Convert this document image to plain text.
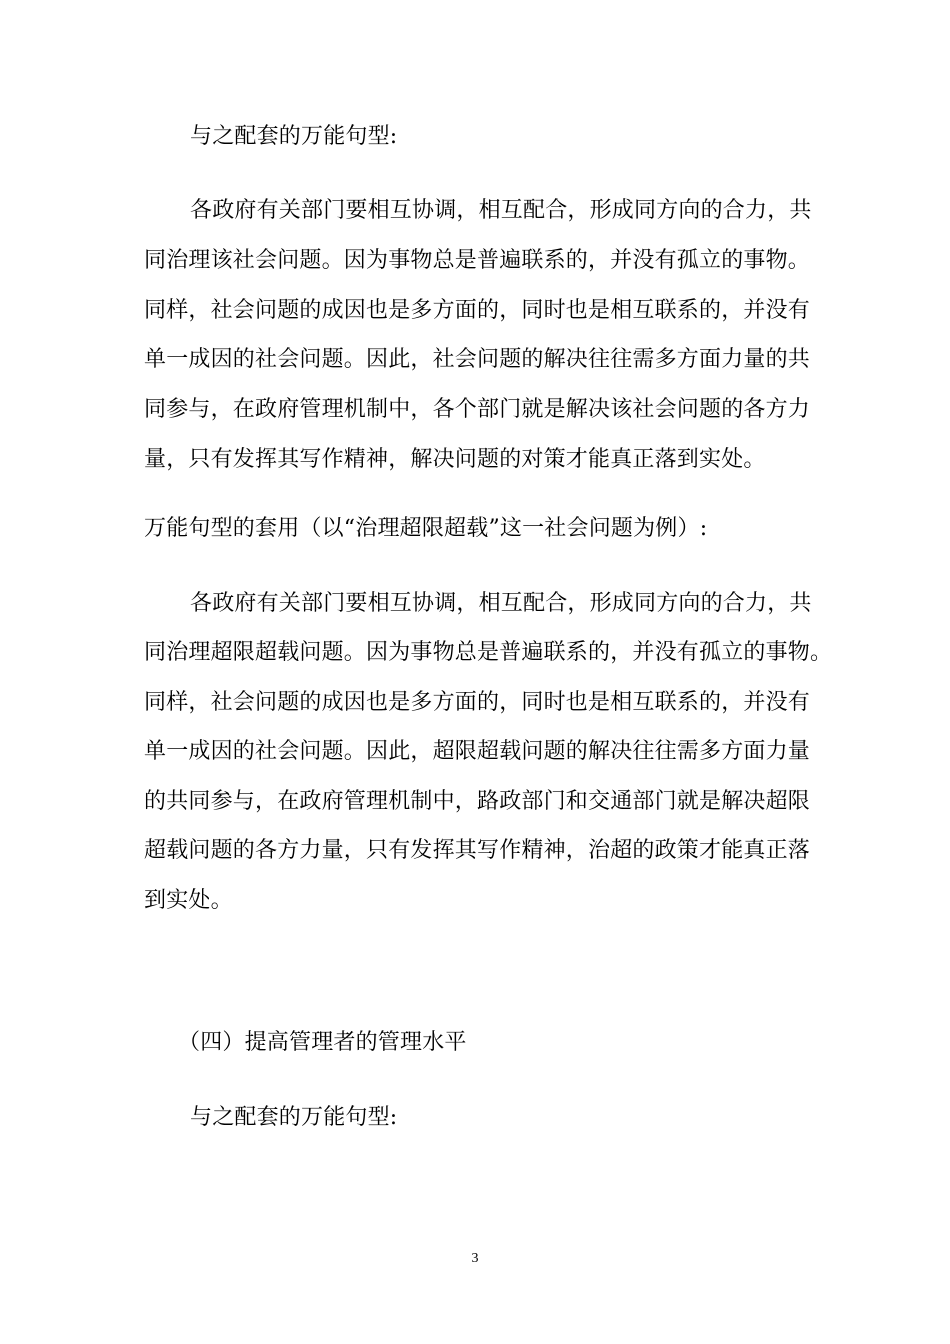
与之配套的万能句型:

各政府有关部门要相互协调，相互配合，形成同方向的合力，共

同治理该社会问题。因为事物总是普遍联系的，并没有孤立的事物。

同样，社会问题的成因也是多方面的，同时也是相互联系的，并没有

单一成因的社会问题。因此，社会问题的解决往往需多方面力量的共

同参与，在政府管理机制中，各个部门就是解决该社会问题的各方力

量，只有发挥其写作精神，解决问题的对策才能真正落到实处。

万能句型的套用（以“治理超限超载”这一社会问题为例）:

各政府有关部门要相互协调，相互配合，形成同方向的合力，共

同治理超限超载问题。因为事物总是普遍联系的，并没有孤立的事物。

同样，社会问题的成因也是多方面的，同时也是相互联系的，并没有

单一成因的社会问题。因此，超限超载问题的解决往往需多方面力量

的共同参与，在政府管理机制中，路政部门和交通部门就是解决超限

超载问题的各方力量，只有发挥其写作精神，治超的政策才能真正落

到实处。

（四）提高管理者的管理水平

与之配套的万能句型:

3
